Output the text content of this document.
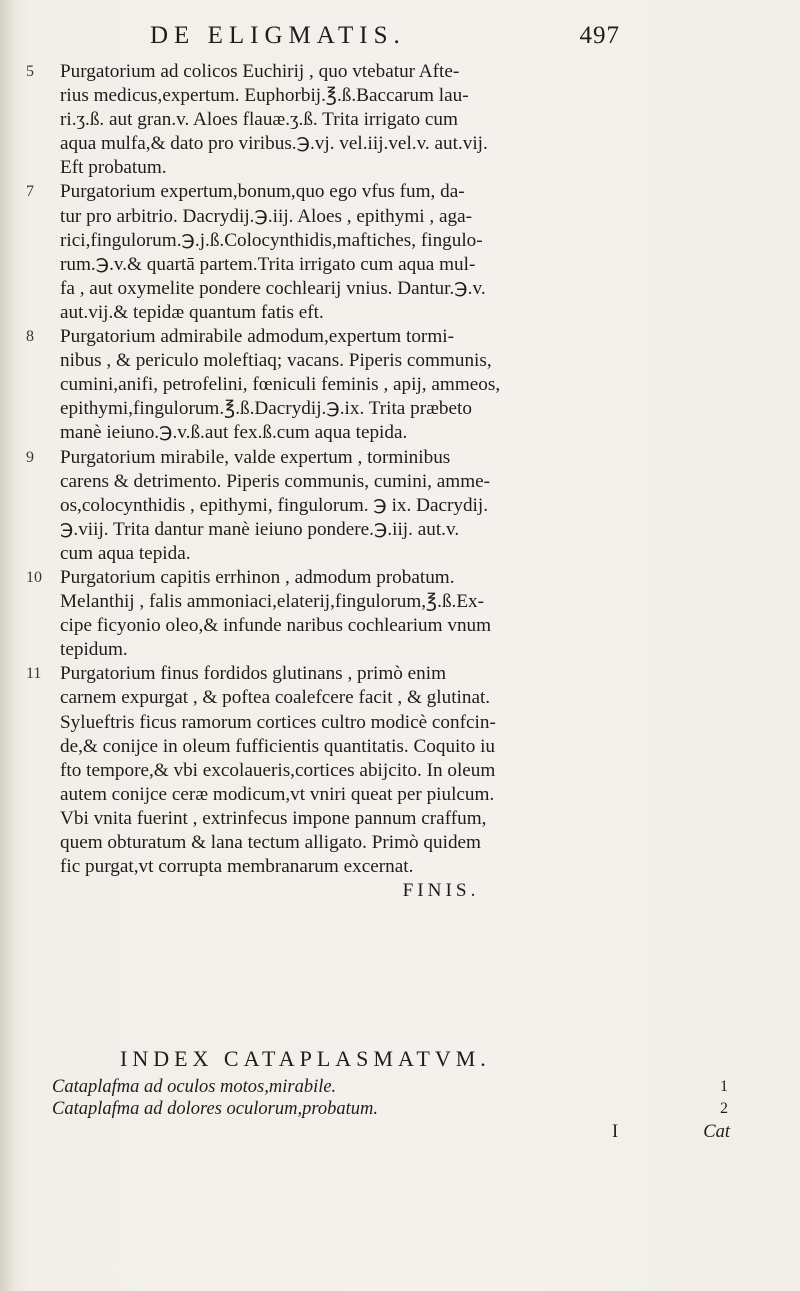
DE ELIGMATIS.	497
5	Purgatorium ad colicos Euchirij , quo vtebatur Afte-
rius medicus,expertum. Euphorbij.℥.ß.Baccarum lau-
ri.ʒ.ß. aut gran.v. Aloes flauæ.ʒ.ß. Trita irrigato cum
aqua mulfa,& dato pro viribus.℈.vj. vel.iij.vel.v. aut.vij.
Eft probatum.
7	Purgatorium expertum,bonum,quo ego vfus fum, da-
tur pro arbitrio. Dacrydij.℈.iij. Aloes , epithymi , aga-
rici,fingulorum.℈.j.ß.Colocynthidis,maftiches, fingulo-
rum.℈.v.& quartā partem.Trita irrigato cum aqua mul-
fa , aut oxymelite pondere cochlearij vnius. Dantur.℈.v.
aut.vij.& tepidæ quantum fatis eft.
8	Purgatorium admirabile admodum,expertum tormi-
nibus , & periculo moleftiaq; vacans. Piperis communis,
cumini,anifi, petrofelini, fœniculi feminis , apij, ammeos,
epithymi,fingulorum.℥.ß.Dacrydij.℈.ix. Trita præbeto
manè ieiuno.℈.v.ß.aut fex.ß.cum aqua tepida.
9	Purgatorium mirabile, valde expertum , torminibus
carens & detrimento. Piperis communis, cumini, amme-
os,colocynthidis , epithymi, fingulorum. ℈ ix. Dacrydij.
℈.viij. Trita dantur manè ieiuno pondere.℈.iij. aut.v.
cum aqua tepida.
10 Purgatorium capitis errhinon , admodum probatum.
Melanthij , falis ammoniaci,elaterij,fingulorum,℥.ß.Ex-
cipe ficyonio oleo,& infunde naribus cochlearium vnum
tepidum.
11 Purgatorium finus fordidos glutinans , primò enim
carnem expurgat , & poftea coalefcere facit , & glutinat.
Sylueftris ficus ramorum cortices cultro modicè confcin-
de,& conijce in oleum fufficientis quantitatis. Coquito iu
fto tempore,& vbi excolaueris,cortices abijcito. In oleum
autem conijce ceræ modicum,vt vniri queat per piulcum.
Vbi vnita fuerint , extrinfecus impone pannum craffum,
quem obturatum & lana tectum alligato. Primò quidem
fic purgat,vt corrupta membranarum excernat.
FINIS.
INDEX CATAPLASMATVM.
Cataplafma ad oculos motos,mirabile.	1
Cataplafma ad dolores oculorum,probatum.	2
I	Cat
